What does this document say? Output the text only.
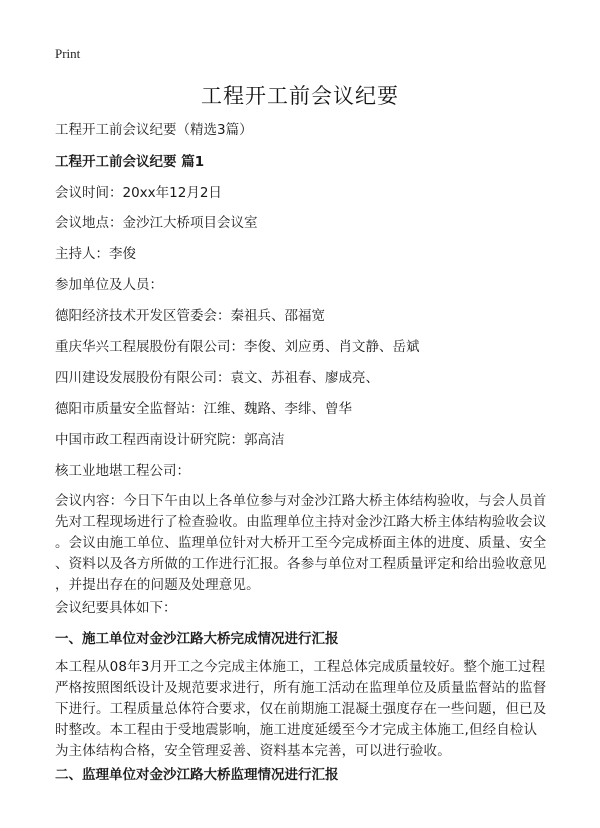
Print
工程开工前会议纪要
工程开工前会议纪要（精选3篇）
工程开工前会议纪要 篇1
会议时间：20xx年12月2日
会议地点：金沙江大桥项目会议室
主持人：李俊
参加单位及人员：
德阳经济技术开发区管委会：秦祖兵、邵福宽
重庆华兴工程展股份有限公司：李俊、刘应勇、肖文静、岳斌
四川建设发展股份有限公司：袁文、苏祖春、廖成亮、
德阳市质量安全监督站：江维、魏路、李绯、曾华
中国市政工程西南设计研究院：郭高洁
核工业地堪工程公司：
会议内容：今日下午由以上各单位参与对金沙江路大桥主体结构验收，与会人员首
先对工程现场进行了检查验收。由监理单位主持对金沙江路大桥主体结构验收会议
。会议由施工单位、监理单位针对大桥开工至今完成桥面主体的进度、质量、安全
、资料以及各方所做的工作进行汇报。各参与单位对工程质量评定和给出验收意见
，并提出存在的问题及处理意见。
会议纪要具体如下：
一、施工单位对金沙江路大桥完成情况进行汇报
本工程从08年3月开工之今完成主体施工，工程总体完成质量较好。整个施工过程
严格按照图纸设计及规范要求进行，所有施工活动在监理单位及质量监督站的监督
下进行。工程质量总体符合要求，仅在前期施工混凝土强度存在一些问题，但已及
时整改。本工程由于受地震影响，施工进度延缓至今才完成主体施工,但经自检认
为主体结构合格，安全管理妥善、资料基本完善，可以进行验收。
二、监理单位对金沙江路大桥监理情况进行汇报
